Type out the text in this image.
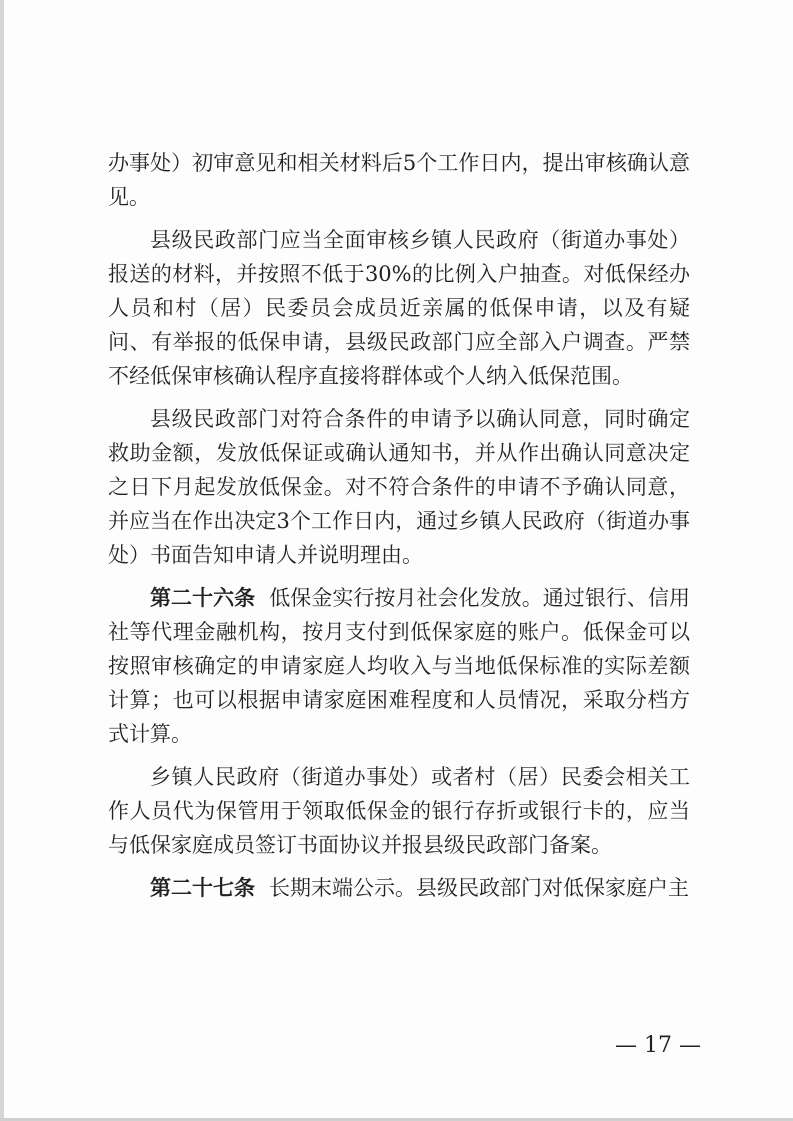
办事处）初审意见和相关材料后5个工作日内，提出审核确认意见。

县级民政部门应当全面审核乡镇人民政府（街道办事处）报送的材料，并按照不低于30%的比例入户抽查。对低保经办人员和村（居）民委员会成员近亲属的低保申请，以及有疑问、有举报的低保申请，县级民政部门应全部入户调查。严禁不经低保审核确认程序直接将群体或个人纳入低保范围。

县级民政部门对符合条件的申请予以确认同意，同时确定救助金额，发放低保证或确认通知书，并从作出确认同意决定之日下月起发放低保金。对不符合条件的申请不予确认同意，并应当在作出决定3个工作日内，通过乡镇人民政府（街道办事处）书面告知申请人并说明理由。

第二十六条 低保金实行按月社会化发放。通过银行、信用社等代理金融机构，按月支付到低保家庭的账户。低保金可以按照审核确定的申请家庭人均收入与当地低保标准的实际差额计算；也可以根据申请家庭困难程度和人员情况，采取分档方式计算。

乡镇人民政府（街道办事处）或者村（居）民委会相关工作人员代为保管用于领取低保金的银行存折或银行卡的，应当与低保家庭成员签订书面协议并报县级民政部门备案。

第二十七条 长期末端公示。县级民政部门对低保家庭户主

— 17 —
